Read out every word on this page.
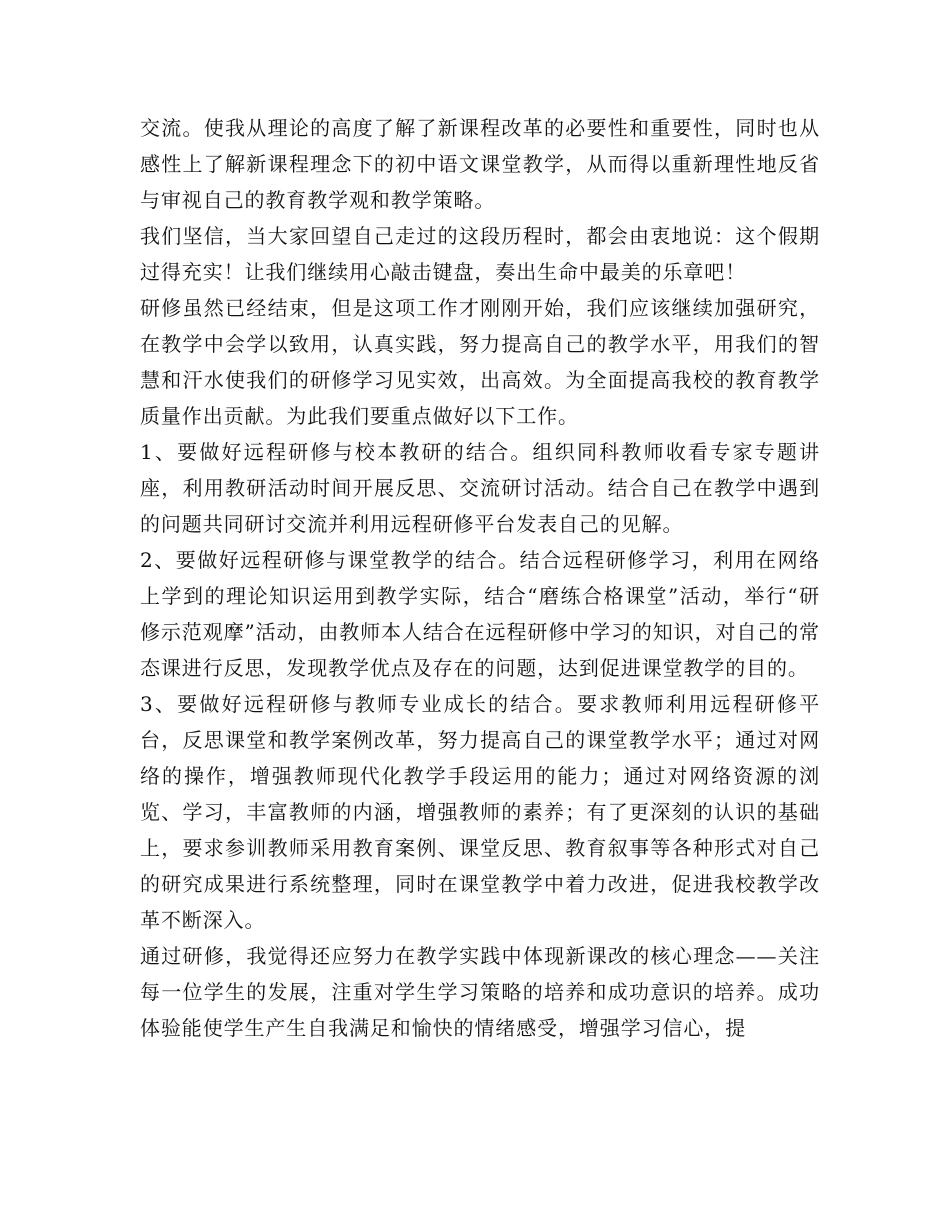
交流。使我从理论的高度了解了新课程改革的必要性和重要性，同时也从感性上了解新课程理念下的初中语文课堂教学，从而得以重新理性地反省与审视自己的教育教学观和教学策略。

我们坚信，当大家回望自己走过的这段历程时，都会由衷地说：这个假期过得充实！让我们继续用心敲击键盘，奏出生命中最美的乐章吧！

研修虽然已经结束，但是这项工作才刚刚开始，我们应该继续加强研究，在教学中会学以致用，认真实践，努力提高自己的教学水平，用我们的智慧和汗水使我们的研修学习见实效，出高效。为全面提高我校的教育教学质量作出贡献。为此我们要重点做好以下工作。

1、要做好远程研修与校本教研的结合。组织同科教师收看专家专题讲座，利用教研活动时间开展反思、交流研讨活动。结合自己在教学中遇到的问题共同研讨交流并利用远程研修平台发表自己的见解。

2、要做好远程研修与课堂教学的结合。结合远程研修学习，利用在网络上学到的理论知识运用到教学实际，结合“磨练合格课堂”活动，举行“研修示范观摩”活动，由教师本人结合在远程研修中学习的知识，对自己的常态课进行反思，发现教学优点及存在的问题，达到促进课堂教学的目的。

3、要做好远程研修与教师专业成长的结合。要求教师利用远程研修平台，反思课堂和教学案例改革，努力提高自己的课堂教学水平；通过对网络的操作，增强教师现代化教学手段运用的能力；通过对网络资源的浏览、学习，丰富教师的内涵，增强教师的素养；有了更深刻的认识的基础上，要求参训教师采用教育案例、课堂反思、教育叙事等各种形式对自己的研究成果进行系统整理，同时在课堂教学中着力改进，促进我校教学改革不断深入。

通过研修，我觉得还应努力在教学实践中体现新课改的核心理念——关注每一位学生的发展，注重对学生学习策略的培养和成功意识的培养。成功体验能使学生产生自我满足和愉快的情绪感受，增强学习信心，提
